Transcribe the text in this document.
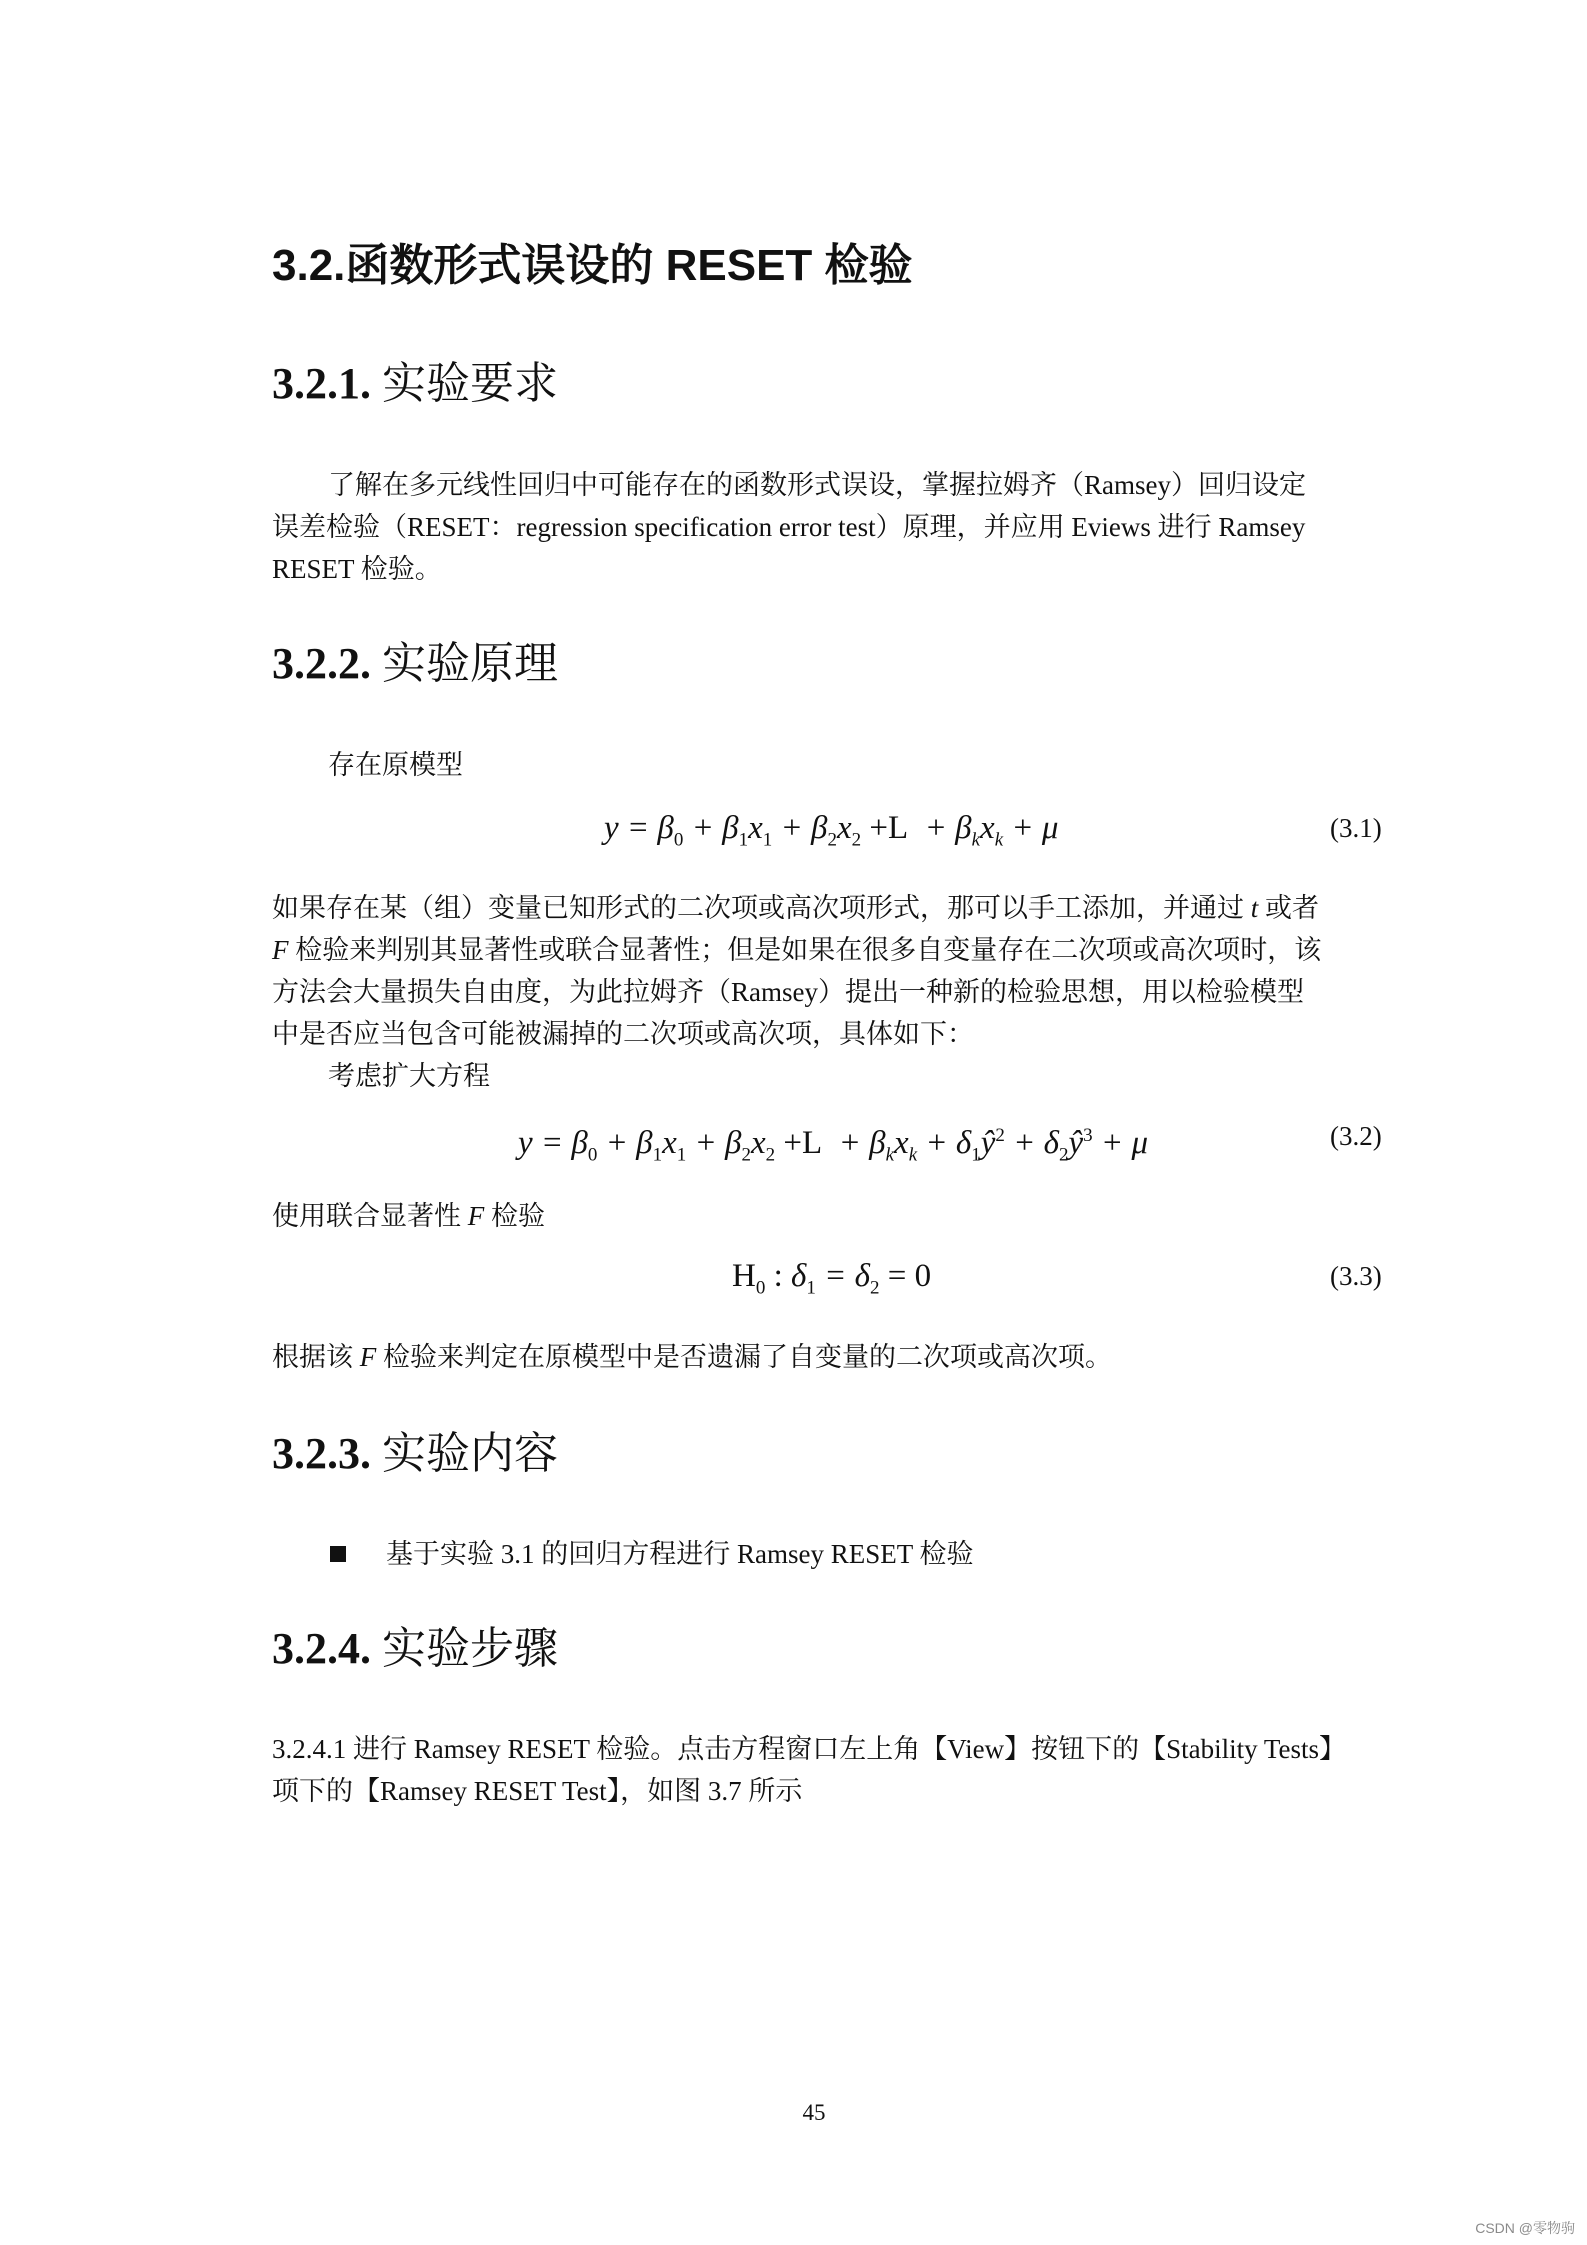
3.2.函数形式误设的 RESET 检验
3.2.1. 实验要求
了解在多元线性回归中可能存在的函数形式误设，掌握拉姆齐（Ramsey）回归设定
误差检验（RESET：regression specification error test）原理，并应用 Eviews 进行 Ramsey
RESET 检验。
3.2.2. 实验原理
存在原模型
$y = \beta_0 + \beta_1x_1 + \beta_2x_2 +L + \beta_kx_k + \mu$	(3.1)
如果存在某（组）变量已知形式的二次项或高次项形式，那可以手工添加，并通过 t 或者
F 检验来判别其显著性或联合显著性；但是如果在很多自变量存在二次项或高次项时，该
方法会大量损失自由度，为此拉姆齐（Ramsey）提出一种新的检验思想，用以检验模型
中是否应当包含可能被漏掉的二次项或高次项，具体如下：
考虑扩大方程
$y = \beta_0 + \beta_1x_1 + \beta_2x_2 +L + \beta_kx_k$ + $\delta_1ŷ^2$ + $\delta_2ŷ^3 + \mu$	(3.2)
使用联合显著性 F 检验
$H_0$ : $\delta_1 = \delta_2 = 0$	(3.3)
根据该 F 检验来判定在原模型中是否遗漏了自变量的二次项或高次项。
3.2.3. 实验内容
基于实验 3.1 的回归方程进行 Ramsey RESET 检验
3.2.4. 实验步骤
3.2.4.1 进行 Ramsey RESET 检验。点击方程窗口左上角【View】按钮下的【Stability Tests】
项下的【Ramsey RESET Test】，如图 3.7 所示
45
CSDN @零物驹
